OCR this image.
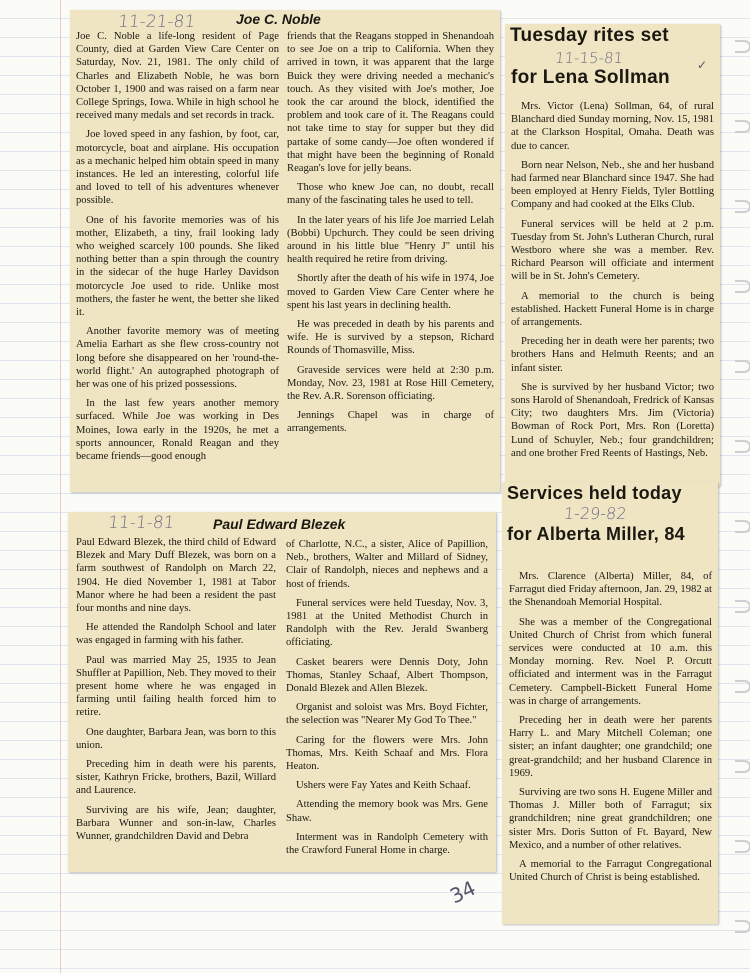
11-21-81	Joe C. Noble

Joe C. Noble a life-long resident of Page County, died at Garden View Care Center on Saturday, Nov. 21, 1981. The only child of Charles and Elizabeth Noble, he was born October 1, 1900 and was raised on a farm near College Springs, Iowa. While in high school he received many medals and set records in track.

Joe loved speed in any fashion, by foot, car, motorcycle, boat and airplane. His occupation as a mechanic helped him obtain speed in many instances. He led an interesting, colorful life and loved to tell of his adventures whenever possible.

One of his favorite memories was of his mother, Elizabeth, a tiny, frail looking lady who weighed scarcely 100 pounds. She liked nothing better than a spin through the country in the sidecar of the huge Harley Davidson motorcycle Joe used to ride. Unlike most mothers, the faster he went, the better she liked it.

Another favorite memory was of meeting Amelia Earhart as she flew cross-country not long before she disappeared on her 'round-the-world flight.' An autographed photograph of her was one of his prized possessions.

In the last few years another memory surfaced. While Joe was working in Des Moines, Iowa early in the 1920s, he met a sports announcer, Ronald Reagan and they became friends—good enough

friends that the Reagans stopped in Shenandoah to see Joe on a trip to California. When they arrived in town, it was apparent that the large Buick they were driving needed a mechanic's touch. As they visited with Joe's mother, Joe took the car around the block, identified the problem and took care of it. The Reagans could not take time to stay for supper but they did partake of some candy—Joe often wondered if that might have been the beginning of Ronald Reagan's love for jelly beans.

Those who knew Joe can, no doubt, recall many of the fascinating tales he used to tell.

In the later years of his life Joe married Lelah (Bobbi) Upchurch. They could be seen driving around in his little blue "Henry J" until his health required he retire from driving.

Shortly after the death of his wife in 1974, Joe moved to Garden View Care Center where he spent his last years in declining health.

He was preceded in death by his parents and wife. He is survived by a stepson, Richard Rounds of Thomasville, Miss.

Graveside services were held at 2:30 p.m. Monday, Nov. 23, 1981 at Rose Hill Cemetery, the Rev. A.R. Sorenson officiating.

Jennings Chapel was in charge of arrangements.

Tuesday rites set
11-15-81	✓
for Lena Sollman

Mrs. Victor (Lena) Sollman, 64, of rural Blanchard died Sunday morning, Nov. 15, 1981 at the Clarkson Hospital, Omaha. Death was due to cancer.

Born near Nelson, Neb., she and her husband had farmed near Blanchard since 1947. She had been employed at Henry Fields, Tyler Bottling Company and had cooked at the Elks Club.

Funeral services will be held at 2 p.m. Tuesday from St. John's Lutheran Church, rural Westboro where she was a member. Rev. Richard Pearson will officiate and interment will be in St. John's Cemetery.

A memorial to the church is being established. Hackett Funeral Home is in charge of arrangements.

Preceding her in death were her parents; two brothers Hans and Helmuth Reents; and an infant sister.

She is survived by her husband Victor; two sons Harold of Shenandoah, Fredrick of Kansas City; two daughters Mrs. Jim (Victoria) Bowman of Rock Port, Mrs. Ron (Loretta) Lund of Schuyler, Neb.; four grandchildren; and one brother Fred Reents of Hastings, Neb.

11-1-81	Paul Edward Blezek

Paul Edward Blezek, the third child of Edward Blezek and Mary Duff Blezek, was born on a farm southwest of Randolph on March 22, 1904. He died November 1, 1981 at Tabor Manor where he had been a resident the past four months and nine days.

He attended the Randolph School and later was engaged in farming with his father.

Paul was married May 25, 1935 to Jean Shuffler at Papillion, Neb. They moved to their present home where he was engaged in farming until failing health forced him to retire.

One daughter, Barbara Jean, was born to this union.

Preceding him in death were his parents, sister, Kathryn Fricke, brothers, Bazil, Willard and Laurence.

Surviving are his wife, Jean; daughter, Barbara Wunner and son-in-law, Charles Wunner, grandchildren David and Debra

of Charlotte, N.C., a sister, Alice of Papillion, Neb., brothers, Walter and Millard of Sidney, Clair of Randolph, nieces and nephews and a host of friends.

Funeral services were held Tuesday, Nov. 3, 1981 at the United Methodist Church in Randolph with the Rev. Jerald Swanberg officiating.

Casket bearers were Dennis Doty, John Thomas, Stanley Schaaf, Albert Thompson, Donald Blezek and Allen Blezek.

Organist and soloist was Mrs. Boyd Fichter, the selection was "Nearer My God To Thee."

Caring for the flowers were Mrs. John Thomas, Mrs. Keith Schaaf and Mrs. Flora Heaton.

Ushers were Fay Yates and Keith Schaaf.

Attending the memory book was Mrs. Gene Shaw.

Interment was in Randolph Cemetery with the Crawford Funeral Home in charge.

Services held today
1-29-82
for Alberta Miller, 84

Mrs. Clarence (Alberta) Miller, 84, of Farragut died Friday afternoon, Jan. 29, 1982 at the Shenandoah Memorial Hospital.

She was a member of the Congregational United Church of Christ from which funeral services were conducted at 10 a.m. this Monday morning. Rev. Noel P. Orcutt officiated and interment was in the Farragut Cemetery. Campbell-Bickett Funeral Home was in charge of arrangements.

Preceding her in death were her parents Harry L. and Mary Mitchell Coleman; one sister; an infant daughter; one grandchild; one great-grandchild; and her husband Clarence in 1969.

Surviving are two sons H. Eugene Miller and Thomas J. Miller both of Farragut; six grandchildren; nine great grandchildren; one sister Mrs. Doris Sutton of Ft. Bayard, New Mexico, and a number of other relatives.

A memorial to the Farragut Congregational United Church of Christ is being established.

34
